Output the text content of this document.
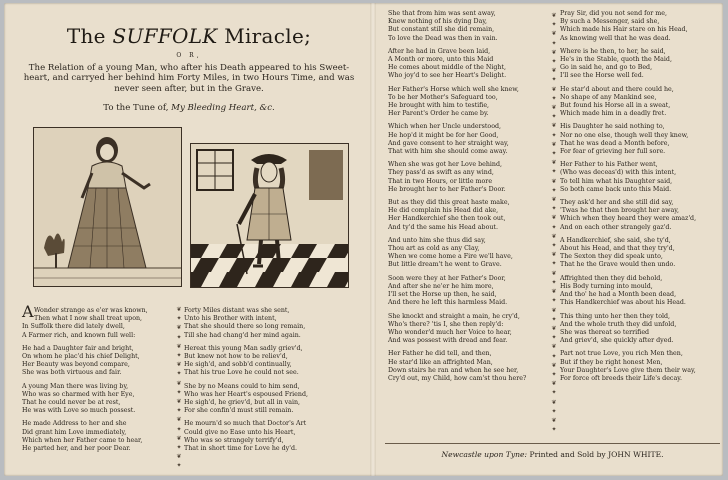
The SUFFOLK Miracle;
O R,
The Relation of a young Man, who after his Death appeared to his Sweet-heart, and carryed her behind him Forty Miles, in two Hours Time, and was never seen after, but in the Grave.
To the Tune of, My Bleeding Heart, &c.
A Wonder strange as e'er was known,
Then what I now shall treat upon,
In Suffolk there did lately dwell,
A Farmer rich, and known full well:
He had a Daughter fair and bright,
On whom he plac'd his chief Delight,
Her Beauty was beyond compare,
She was both virtuous and fair.
A young Man there was living by,
Who was so charmed with her Eye,
That he could never be at rest,
He was with Love so much possest.
He made Address to her and she
Did grant him Love immediately,
Which when her Father came to hear,
He parted her, and her poor Dear.
❦
✦
❦
✦
❦
✦
❦
✦
❦
✦
❦
✦
❦
✦
❦
✦
❦
✦
Forty Miles distant was she sent,
Unto his Brother with intent,
That she should there so long remain,
Till she had chang'd her mind again.
Hereat this young Man sadly griev'd,
But knew not how to be reliev'd,
He sigh'd, and sobb'd continually,
That his true Love he could not see.
She by no Means could to him send,
Who was her Heart's espoused Friend,
He sigh'd, he griev'd, but all in vain,
For she confin'd must still remain.
He mourn'd so much that Doctor's Art
Could give no Ease unto his Heart,
Who was so strangely terrify'd,
That in short time for Love he dy'd.
She that from him was sent away,
Knew nothing of his dying Day,
But constant still she did remain,
To love the Dead was then in vain.
After he had in Grave been laid,
A Month or more, unto this Maid
He comes about middle of the Night,
Who joy'd to see her Heart's Delight.
Her Father's Horse which well she knew,
To be her Mother's Safeguard too,
He brought with him to testifie,
Her Parent's Order he came by.
Which when her Uncle understood,
He hop'd it might be for her Good,
And gave consent to her straight way,
That with him she should come away.
When she was got her Love behind,
They pass'd as swift as any wind,
That in two Hours, or little more
He brought her to her Father's Door.
But as they did this great haste make,
He did complain his Head did ake,
Her Handkerchief she then took out,
And ty'd the same his Head about.
And unto him she thus did say,
Thou art as cold as any Clay,
When we come home a Fire we'll have,
But little dream't he went to Grave.
Soon were they at her Father's Door,
And after she ne'er he him more,
I'll set the Horse up then, he said,
And there he left this harmless Maid.
She knockt and straight a main, he cry'd,
Who's there? 'tis I, she then reply'd:
Who wonder'd much her Voice to hear,
And was possest with dread and fear.
Her Father he did tell, and then,
He star'd like an affrighted Man,
Down stairs he ran and when he see her,
Cry'd out, my Child, how cam'st thou here?
❦
✦
❦
✦
❦
✦
❦
✦
❦
✦
❦
✦
❦
✦
❦
✦
❦
✦
❦
✦
❦
✦
❦
✦
❦
✦
❦
✦
❦
✦
❦
✦
❦
✦
❦
✦
❦
✦
❦
✦
❦
✦
❦
✦
❦
✦
Pray Sir, did you not send for me,
By such a Messenger, said she,
Which made his Hair stare on his Head,
As knowing well that he was dead.
Where is he then, to her, he said,
He's in the Stable, quoth the Maid,
Go in said he, and go to Bed,
I'll see the Horse well fed.
He star'd about and there could he,
No shape of any Mankind see,
But found his Horse all in a sweat,
Which made him in a deadly fret.
His Daughter he said nothing to,
Nor no one else, though well they knew,
That he was dead a Month before,
For fear of grieving her full sore.
Her Father to his Father went,
(Who was deceas'd) with this intent,
To tell him what his Daughter said,
So both came back unto this Maid.
They ask'd her and she still did say,
'Twas he that then brought her away,
Which when they heard they were amaz'd,
And on each other strangely gaz'd.
A Handkerchief, she said, she ty'd,
About his Head, and that they try'd,
The Sexton they did speak unto,
That he the Grave would then undo.
Affrighted then they did behold,
His Body turning into mould,
And tho' he had a Month been dead,
This Handkerchief was about his Head.
This thing unto her then they told,
And the whole truth they did unfold,
She was thereat so terrified
And griev'd, she quickly after dyed.
Part not true Love, you rich Men then,
But if they be right honest Men,
Your Daughter's Love give them their way,
For force oft breeds their Life's decay.
Newcastle upon Tyne: Printed and Sold by JOHN WHITE.
